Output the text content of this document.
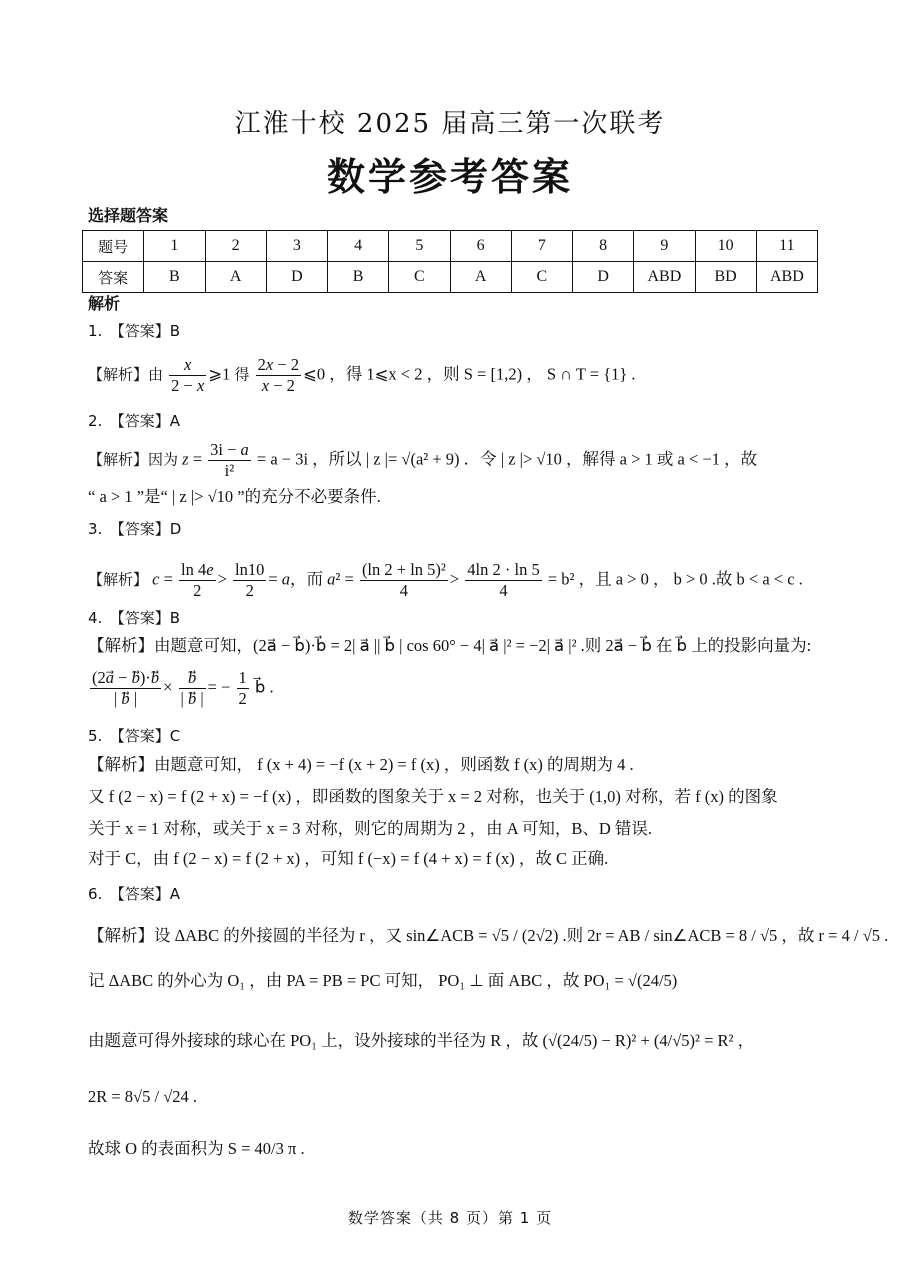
江淮十校 2025 届高三第一次联考
数学参考答案
选择题答案
题号	1	2	3	4	5	6	7	8	9	10	11
答案	B	A	D	B	C	A	C	D	ABD	BD	ABD
解析
1.　【答案】B
【解析】由 $\frac{x}{2 - x}$ ⩾1 得 $\frac{2x - 2}{x - 2}$ ⩽0 ，得 1⩽x < 2 ，则 S = [1,2) ， S ∩ T = {1} .
2.　【答案】A
【解析】因为 $z = \frac{3i - a}{\text{i²}} = a - 3i$ ，所以 | z |= √(a² + 9) ．令 | z |> √10 ，解得 a > 1 或 a < −1 ，故
“ a > 1 ”是“ | z |> √10 ”的充分不必要条件.
3.　【答案】D
【解析】 $c = \frac{\ln 4e}{2} > \frac{\ln 10}{2} = a$，而 $a^2 = \frac{\text{(ln 2 + ln 5)²}}{4} > \frac{4\ln 2 \cdot \ln 5}{4} = b^2$ ，且 a > 0 ， b > 0 .故 b < a < c .
4.　【答案】B
【解析】由题意可知，(2a⃗ − b⃗)·b⃗ = 2| a⃗ || b⃗ | cos 60° − 4| a⃗ |² = −2| a⃗ |² .则 2a⃗ − b⃗ 在 b⃗ 上的投影向量为:
$\frac{(2a⃗ - b⃗)\cdot b}{| b⃗ |} \times \frac{b}{| b⃗ |}$ = − $\frac{1}{2}$ b⃗ .
5.　【答案】C
【解析】由题意可知， f (x + 4) = −f (x + 2) = f (x) ，则函数 f (x) 的周期为 4 .
又 f (2 − x) = f (2 + x) = −f (x) ，即函数的图象关于 x = 2 对称，也关于 (1,0) 对称，若 f (x) 的图象
关于 x = 1 对称，或关于 x = 3 对称，则它的周期为 2 ，由 A 可知，B、D 错误.
对于 C，由 f (2 − x) = f (2 + x) ，可知 f (−x) = f (4 + x) = f (x) ，故 C 正确.
6.　【答案】A
【解析】设 ΔABC 的外接圆的半径为 r ，又 sin∠ACB = √5 / (2√2) .则 2r = AB / sin∠ACB = 8 / √5 ，故 r = 4 / √5 .
记 ΔABC 的外心为 O₁ ，由 PA = PB = PC 可知， PO₁ ⊥ 面 ABC ，故 PO₁ = √(24/5)
由题意可得外接球的球心在 PO₁ 上，设外接球的半径为 R ，故 (√(24/5) − R)² + (4/√5)² = R² ，
2R = 8√5 / √24 .
故球 O 的表面积为 S = 40/3 π .
数学答案（共 8 页）第 1 页
